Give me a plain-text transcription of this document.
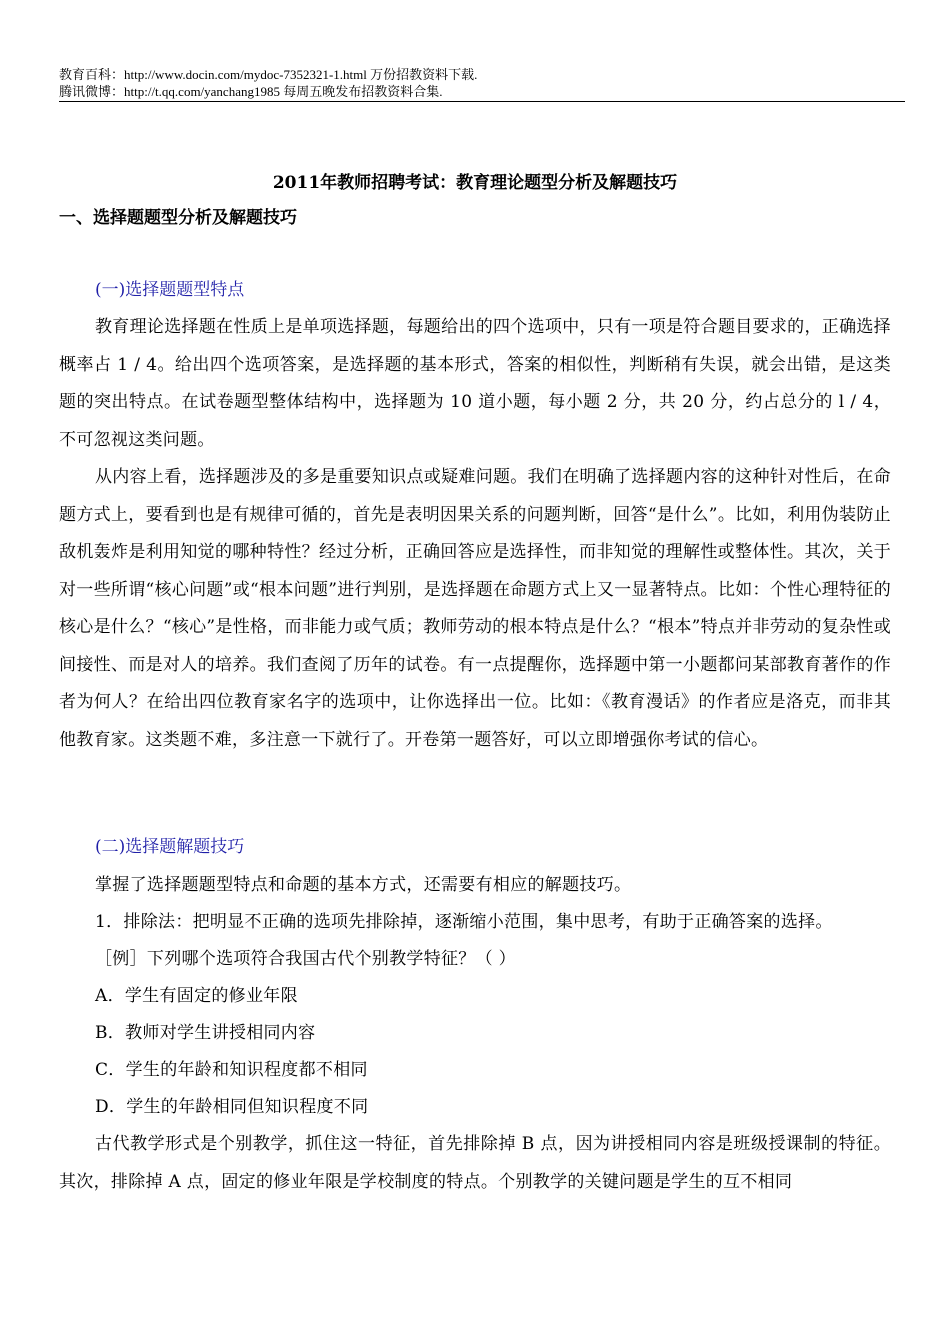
教育百科：http://www.docin.com/mydoc-7352321-1.html 万份招教资料下载.
腾讯微博：http://t.qq.com/yanchang1985 每周五晚发布招教资料合集.
2011年教师招聘考试：教育理论题型分析及解题技巧
一、选择题题型分析及解题技巧
(一)选择题题型特点
教育理论选择题在性质上是单项选择题，每题给出的四个选项中，只有一项是符合题目要求的，正确选择概率占 1 / 4。给出四个选项答案，是选择题的基本形式，答案的相似性，判断稍有失误，就会出错，是这类题的突出特点。在试卷题型整体结构中，选择题为 10 道小题，每小题 2 分，共 20 分，约占总分的 l / 4， 不可忽视这类问题。
从内容上看，选择题涉及的多是重要知识点或疑难问题。我们在明确了选择题内容的这种针对性后，在命题方式上，要看到也是有规律可循的，首先是表明因果关系的问题判断，回答“是什么”。比如，利用伪装防止敌机轰炸是利用知觉的哪种特性？经过分析，正确回答应是选择性，而非知觉的理解性或整体性。其次，关于对一些所谓“核心问题”或“根本问题”进行判别，是选择题在命题方式上又一显著特点。比如：个性心理特征的核心是什么？“核心”是性格，而非能力或气质；教师劳动的根本特点是什么？“根本”特点并非劳动的复杂性或间接性、而是对人的培养。我们查阅了历年的试卷。有一点提醒你，选择题中第一小题都问某部教育著作的作者为何人？在给出四位教育家名字的选项中，让你选择出一位。比如：《教育漫话》的作者应是洛克，而非其他教育家。这类题不难，多注意一下就行了。开卷第一题答好，可以立即增强你考试的信心。
(二)选择题解题技巧
掌握了选择题题型特点和命题的基本方式，还需要有相应的解题技巧。
1．排除法：把明显不正确的选项先排除掉，逐渐缩小范围，集中思考，有助于正确答案的选择。
［例］下列哪个选项符合我国古代个别教学特征？（ ）
A．学生有固定的修业年限
B．教师对学生讲授相同内容
C．学生的年龄和知识程度都不相同
D．学生的年龄相同但知识程度不同
古代教学形式是个别教学，抓住这一特征，首先排除掉 B 点，因为讲授相同内容是班级授课制的特征。其次，排除掉 A 点，固定的修业年限是学校制度的特点。个别教学的关键问题是学生的互不相同
